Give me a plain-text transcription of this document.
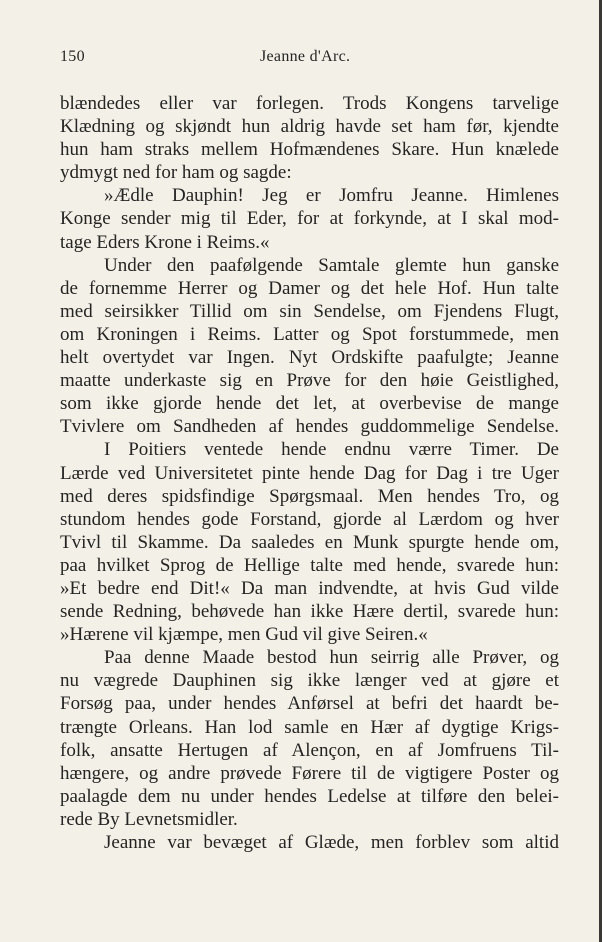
150	Jeanne d'Arc.
blændedes eller var forlegen. Trods Kongens tarvelige
Klædning og skjøndt hun aldrig havde set ham før, kjendte
hun ham straks mellem Hofmændenes Skare. Hun knælede
ydmygt ned for ham og sagde:
»Ædle Dauphin! Jeg er Jomfru Jeanne. Himlenes
Konge sender mig til Eder, for at forkynde, at I skal mod-
tage Eders Krone i Reims.«
Under den paafølgende Samtale glemte hun ganske
de fornemme Herrer og Damer og det hele Hof. Hun talte
med seirsikker Tillid om sin Sendelse, om Fjendens Flugt,
om Kroningen i Reims. Latter og Spot forstummede, men
helt overtydet var Ingen. Nyt Ordskifte paafulgte; Jeanne
maatte underkaste sig en Prøve for den høie Geistlighed,
som ikke gjorde hende det let, at overbevise de mange
Tvivlere om Sandheden af hendes guddommelige Sendelse.
I Poitiers ventede hende endnu værre Timer. De
Lærde ved Universitetet pinte hende Dag for Dag i tre Uger
med deres spidsfindige Spørgsmaal. Men hendes Tro, og
stundom hendes gode Forstand, gjorde al Lærdom og hver
Tvivl til Skamme. Da saaledes en Munk spurgte hende om,
paa hvilket Sprog de Hellige talte med hende, svarede hun:
»Et bedre end Dit!« Da man indvendte, at hvis Gud vilde
sende Redning, behøvede han ikke Hære dertil, svarede hun:
»Hærene vil kjæmpe, men Gud vil give Seiren.«
Paa denne Maade bestod hun seirrig alle Prøver, og
nu vægrede Dauphinen sig ikke længer ved at gjøre et
Forsøg paa, under hendes Anførsel at befri det haardt be-
trængte Orleans. Han lod samle en Hær af dygtige Krigs-
folk, ansatte Hertugen af Alençon, en af Jomfruens Til-
hængere, og andre prøvede Førere til de vigtigere Poster og
paalagde dem nu under hendes Ledelse at tilføre den belei-
rede By Levnetsmidler.
Jeanne var bevæget af Glæde, men forblev som altid
